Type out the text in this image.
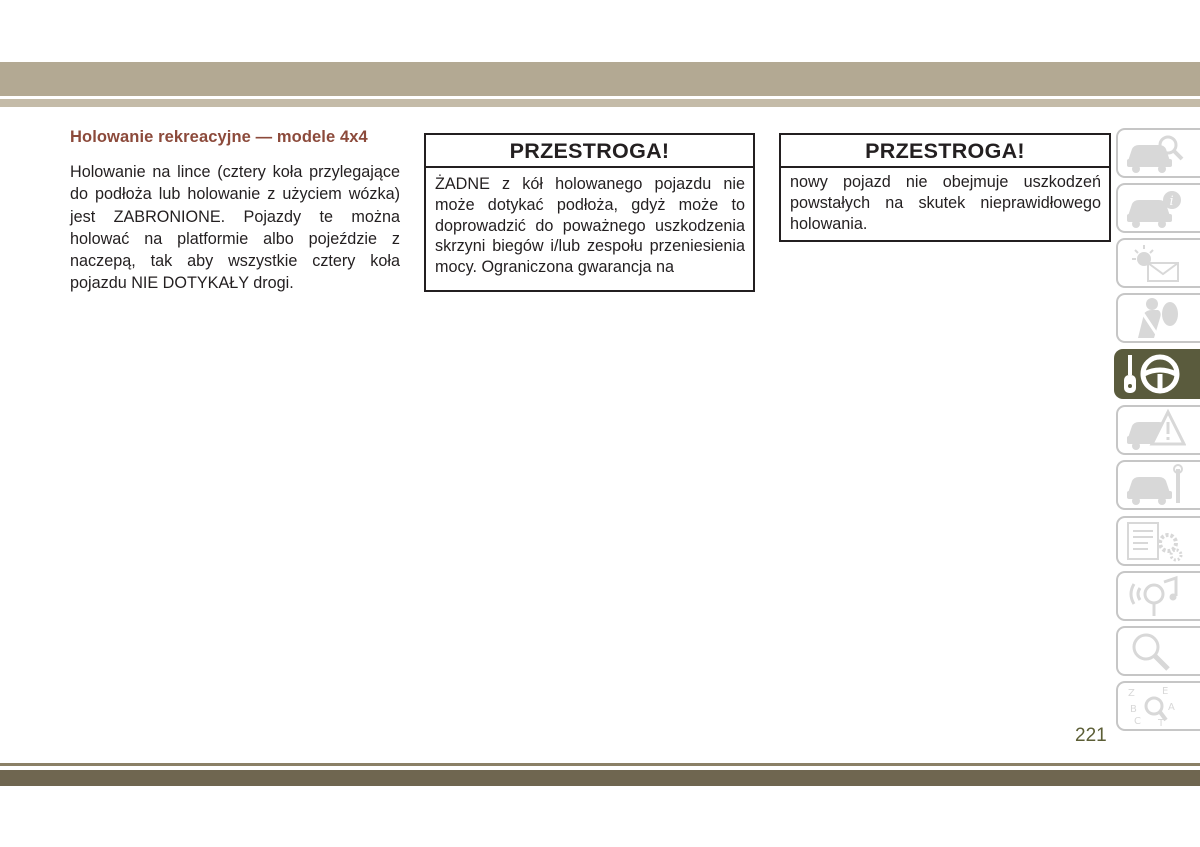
Holowanie rekreacyjne — modele 4x4

Holowanie na lince (cztery koła przylegające do podłoża lub holowanie z użyciem wózka) jest ZABRONIONE. Pojazdy te można holować na platformie albo pojeździe z naczepą, tak aby wszystkie cztery koła pojazdu NIE DOTYKAŁY drogi.

PRZESTROGA!
ŻADNE z kół holowanego pojazdu nie może dotykać podłoża, gdyż może to doprowadzić do poważnego uszkodzenia skrzyni biegów i/lub zespołu przeniesienia mocy. Ograniczona gwarancja na
PRZESTROGA!
nowy pojazd nie obejmuje uszkodzeń powstałych na skutek nieprawidłowego holowania.
i
Z	E
B	A
C T
221
